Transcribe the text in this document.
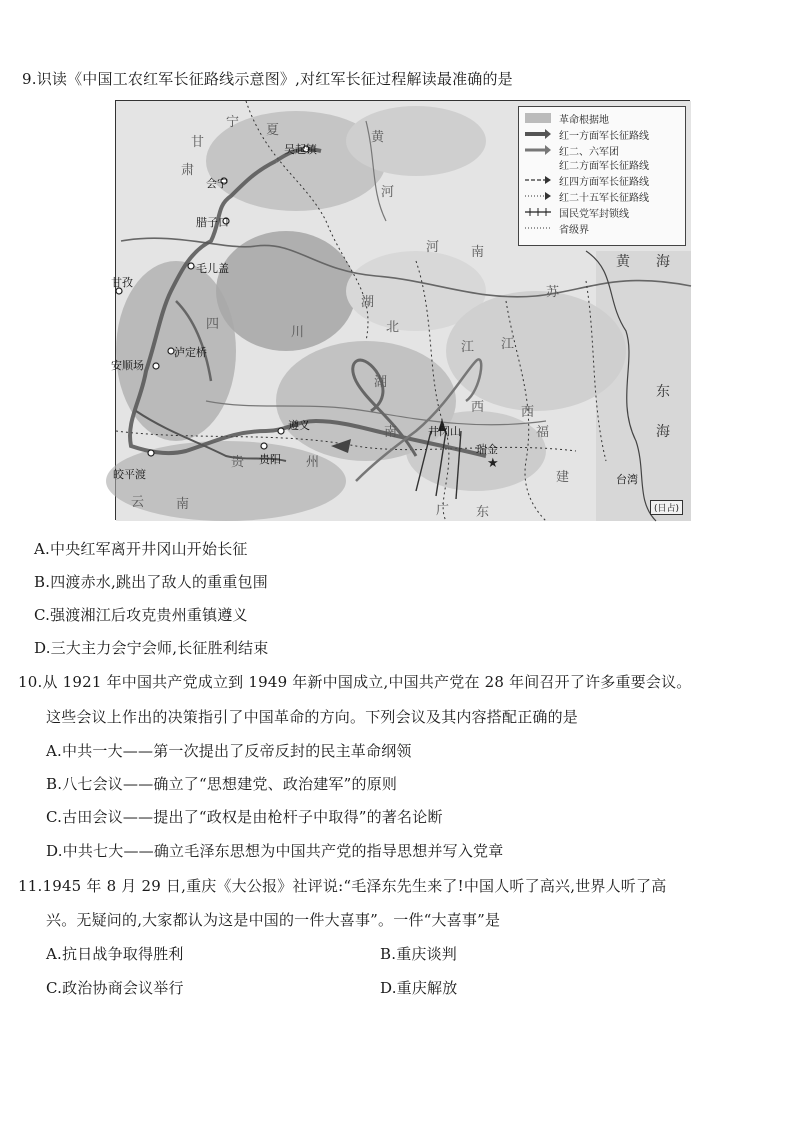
9.识读《中国工农红军长征路线示意图》,对红军长征过程解读最准确的是
★
宁
甘
夏
肃
黄
河
河 南
四
川
湖
北
湖
南
江
西
福
建
云 南
贵	州
广 东
江
苏
西
黄 海
东
海
台湾
吴起镇
会宁
腊子口
毛儿盖
甘孜
泸定桥
安顺场
遵义
贵阳
皎平渡
井冈山
瑞金
革命根据地
红一方面军长征路线
红二、六军团
红二方面军长征路线
红四方面军长征路线
红二十五军长征路线
国民党军封锁线
省级界
(日占)
A.中央红军离开井冈山开始长征
B.四渡赤水,跳出了敌人的重重包围
C.强渡湘江后攻克贵州重镇遵义
D.三大主力会宁会师,长征胜利结束
10.从 1921 年中国共产党成立到 1949 年新中国成立,中国共产党在 28 年间召开了许多重要会议。
这些会议上作出的决策指引了中国革命的方向。下列会议及其内容搭配正确的是
A.中共一大——第一次提出了反帝反封的民主革命纲领
B.八七会议——确立了“思想建党、政治建军”的原则
C.古田会议——提出了“政权是由枪杆子中取得”的著名论断
D.中共七大——确立毛泽东思想为中国共产党的指导思想并写入党章
11.1945 年 8 月 29 日,重庆《大公报》社评说:“毛泽东先生来了!中国人听了高兴,世界人听了高
兴。无疑问的,大家都认为这是中国的一件大喜事”。一件“大喜事”是
A.抗日战争取得胜利	B.重庆谈判
C.政治协商会议举行	D.重庆解放
